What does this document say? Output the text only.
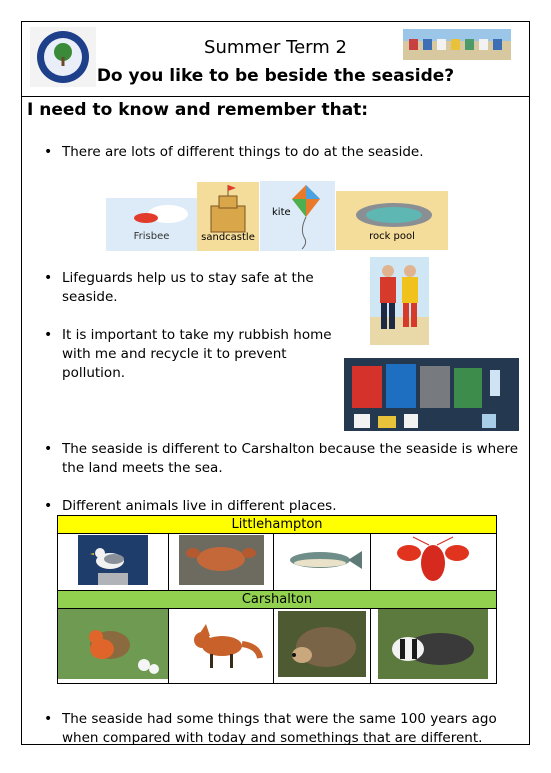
Summer Term 2
Do you like to be beside the seaside?
I need to know and remember that:
• There are lots of different things to do at the seaside.
Frisbee	sandcastle
kite
rock pool
• Lifeguards help us to stay safe at the seaside.
• It is important to take my rubbish home with me and recycle it to prevent pollution.
• The seaside is different to Carshalton because the seaside is where the land meets the sea.
• Different animals live in different places.
Littlehampton			

Carshalton			

• The seaside had some things that were the same 100 years ago when compared with today and somethings that are different.
